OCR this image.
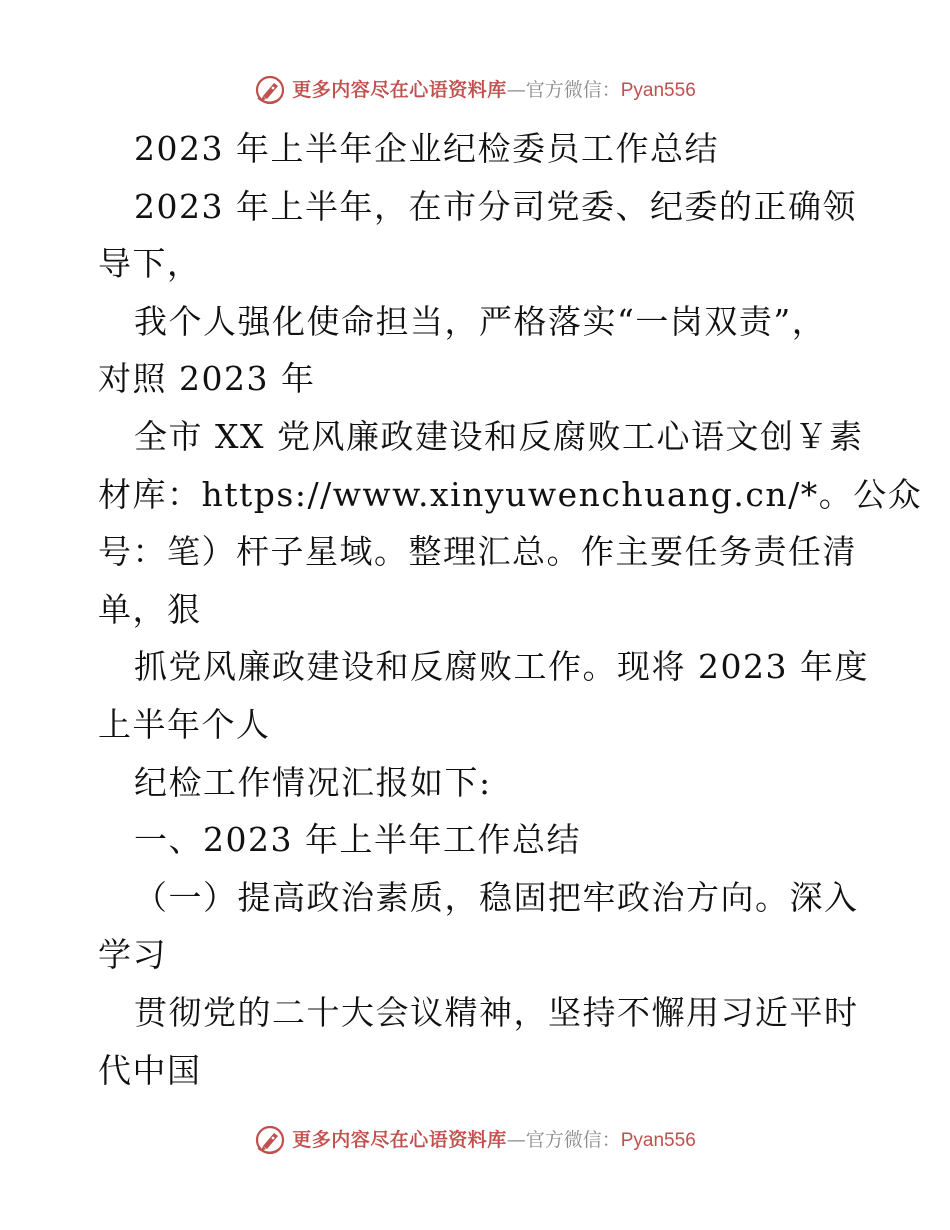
更多内容尽在心语资料库 — 官方微信： Pyan556
2023 年上半年企业纪检委员工作总结
2023 年上半年，在市分司党委、纪委的正确领
导下，
我个人强化使命担当，严格落实“一岗双责”，
对照 2023 年
全市 XX 党风廉政建设和反腐败工心语文创￥素
材库：https://www.xinyuwenchuang.cn/*。公众
号：笔）杆子星域。整理汇总。作主要任务责任清
单，狠
抓党风廉政建设和反腐败工作。现将 2023 年度
上半年个人
纪检工作情况汇报如下:
一、2023 年上半年工作总结
（一）提高政治素质，稳固把牢政治方向。深入
学习
贯彻党的二十大会议精神，坚持不懈用习近平时
代中国
更多内容尽在心语资料库 — 官方微信： Pyan556
